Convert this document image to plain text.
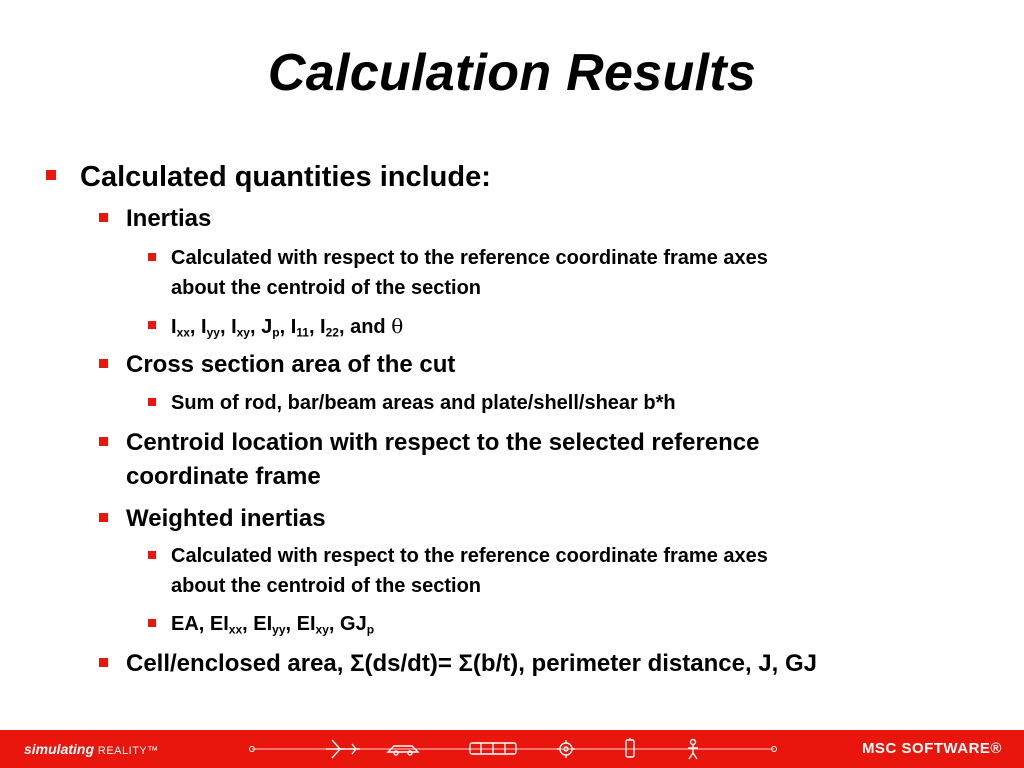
Calculation Results
Calculated quantities include:
Inertias
Calculated with respect to the reference coordinate frame axes
about the centroid of the section
$I_{xx}$, $I_{yy}$, $I_{xy}$, $J_p$, $I_{11}$, $I_{22}$, and θ
Cross section area of the cut
Sum of rod, bar/beam areas and plate/shell/shear b*h
Centroid location with respect to the selected reference
coordinate frame
Weighted inertias
Calculated with respect to the reference coordinate frame axes
about the centroid of the section
EA, $EI_{xx}$, $EI_{yy}$, $EI_{xy}$, $GJ_p$
Cell/enclosed area, Σ(ds/dt)= Σ(b/t), perimeter distance, J, GJ
simulating REALITY™	MSC SOFTWARE®
